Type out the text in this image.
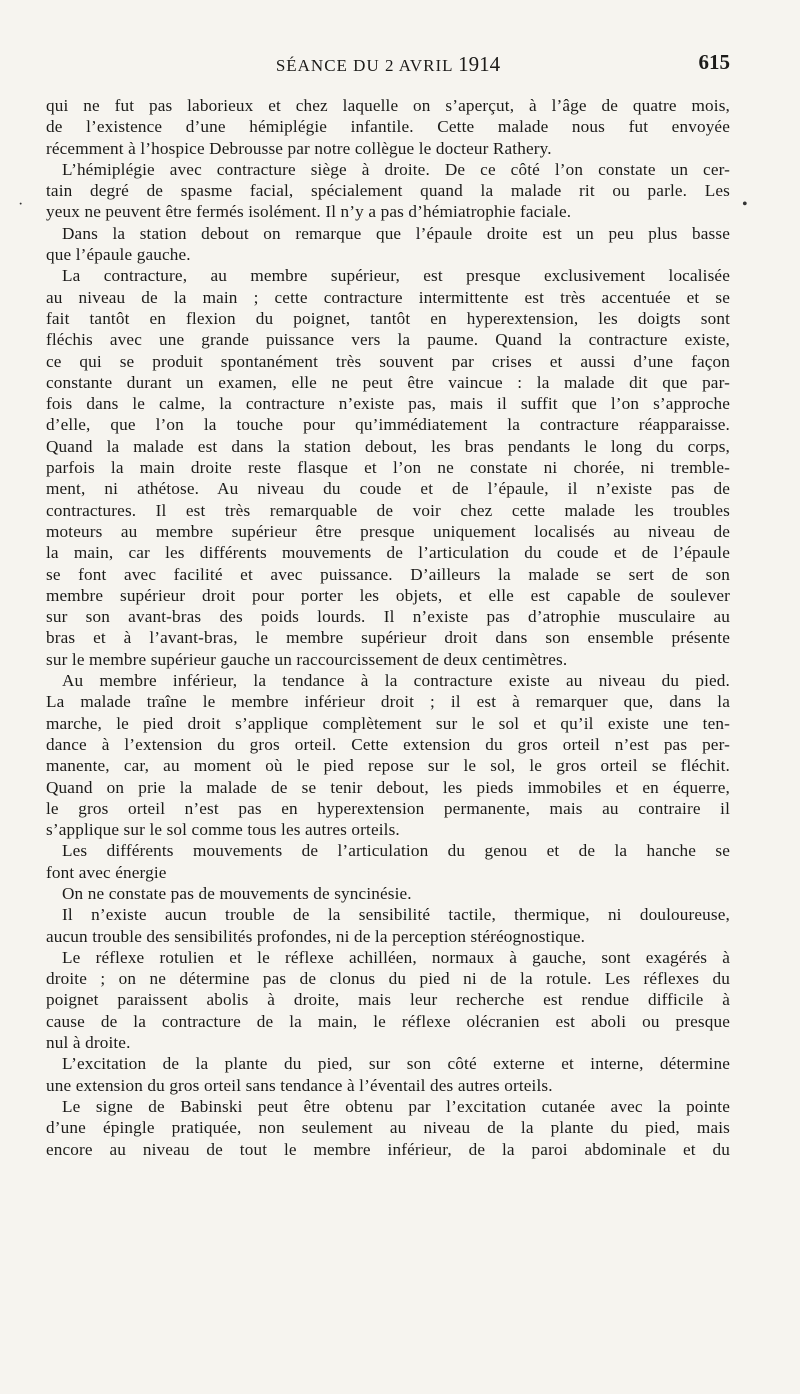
SÉANCE DU 2 AVRIL 1914	615
·	•
qui ne fut pas laborieux et chez laquelle on s’aperçut, à l’âge de quatre mois,
de l’existence d’une hémiplégie infantile. Cette malade nous fut envoyée
récemment à l’hospice Debrousse par notre collègue le docteur Rathery.
L’hémiplégie avec contracture siège à droite. De ce côté l’on constate un cer-
tain degré de spasme facial, spécialement quand la malade rit ou parle. Les
yeux ne peuvent être fermés isolément. Il n’y a pas d’hémiatrophie faciale.
Dans la station debout on remarque que l’épaule droite est un peu plus basse
que l’épaule gauche.
La contracture, au membre supérieur, est presque exclusivement localisée
au niveau de la main ; cette contracture intermittente est très accentuée et se
fait tantôt en flexion du poignet, tantôt en hyperextension, les doigts sont
fléchis avec une grande puissance vers la paume. Quand la contracture existe,
ce qui se produit spontanément très souvent par crises et aussi d’une façon
constante durant un examen, elle ne peut être vaincue : la malade dit que par-
fois dans le calme, la contracture n’existe pas, mais il suffit que l’on s’approche
d’elle, que l’on la touche pour qu’immédiatement la contracture réapparaisse.
Quand la malade est dans la station debout, les bras pendants le long du corps,
parfois la main droite reste flasque et l’on ne constate ni chorée, ni tremble-
ment, ni athétose. Au niveau du coude et de l’épaule, il n’existe pas de
contractures. Il est très remarquable de voir chez cette malade les troubles
moteurs au membre supérieur être presque uniquement localisés au niveau de
la main, car les différents mouvements de l’articulation du coude et de l’épaule
se font avec facilité et avec puissance. D’ailleurs la malade se sert de son
membre supérieur droit pour porter les objets, et elle est capable de soulever
sur son avant-bras des poids lourds. Il n’existe pas d’atrophie musculaire au
bras et à l’avant-bras, le membre supérieur droit dans son ensemble présente
sur le membre supérieur gauche un raccourcissement de deux centimètres.
Au membre inférieur, la tendance à la contracture existe au niveau du pied.
La malade traîne le membre inférieur droit ; il est à remarquer que, dans la
marche, le pied droit s’applique complètement sur le sol et qu’il existe une ten-
dance à l’extension du gros orteil. Cette extension du gros orteil n’est pas per-
manente, car, au moment où le pied repose sur le sol, le gros orteil se fléchit.
Quand on prie la malade de se tenir debout, les pieds immobiles et en équerre,
le gros orteil n’est pas en hyperextension permanente, mais au contraire il
s’applique sur le sol comme tous les autres orteils.
Les différents mouvements de l’articulation du genou et de la hanche se
font avec énergie
On ne constate pas de mouvements de syncinésie.
Il n’existe aucun trouble de la sensibilité tactile, thermique, ni douloureuse,
aucun trouble des sensibilités profondes, ni de la perception stéréognostique.
Le réflexe rotulien et le réflexe achilléen, normaux à gauche, sont exagérés à
droite ; on ne détermine pas de clonus du pied ni de la rotule. Les réflexes du
poignet paraissent abolis à droite, mais leur recherche est rendue difficile à
cause de la contracture de la main, le réflexe olécranien est aboli ou presque
nul à droite.
L’excitation de la plante du pied, sur son côté externe et interne, détermine
une extension du gros orteil sans tendance à l’éventail des autres orteils.
Le signe de Babinski peut être obtenu par l’excitation cutanée avec la pointe
d’une épingle pratiquée, non seulement au niveau de la plante du pied, mais
encore au niveau de tout le membre inférieur, de la paroi abdominale et du
